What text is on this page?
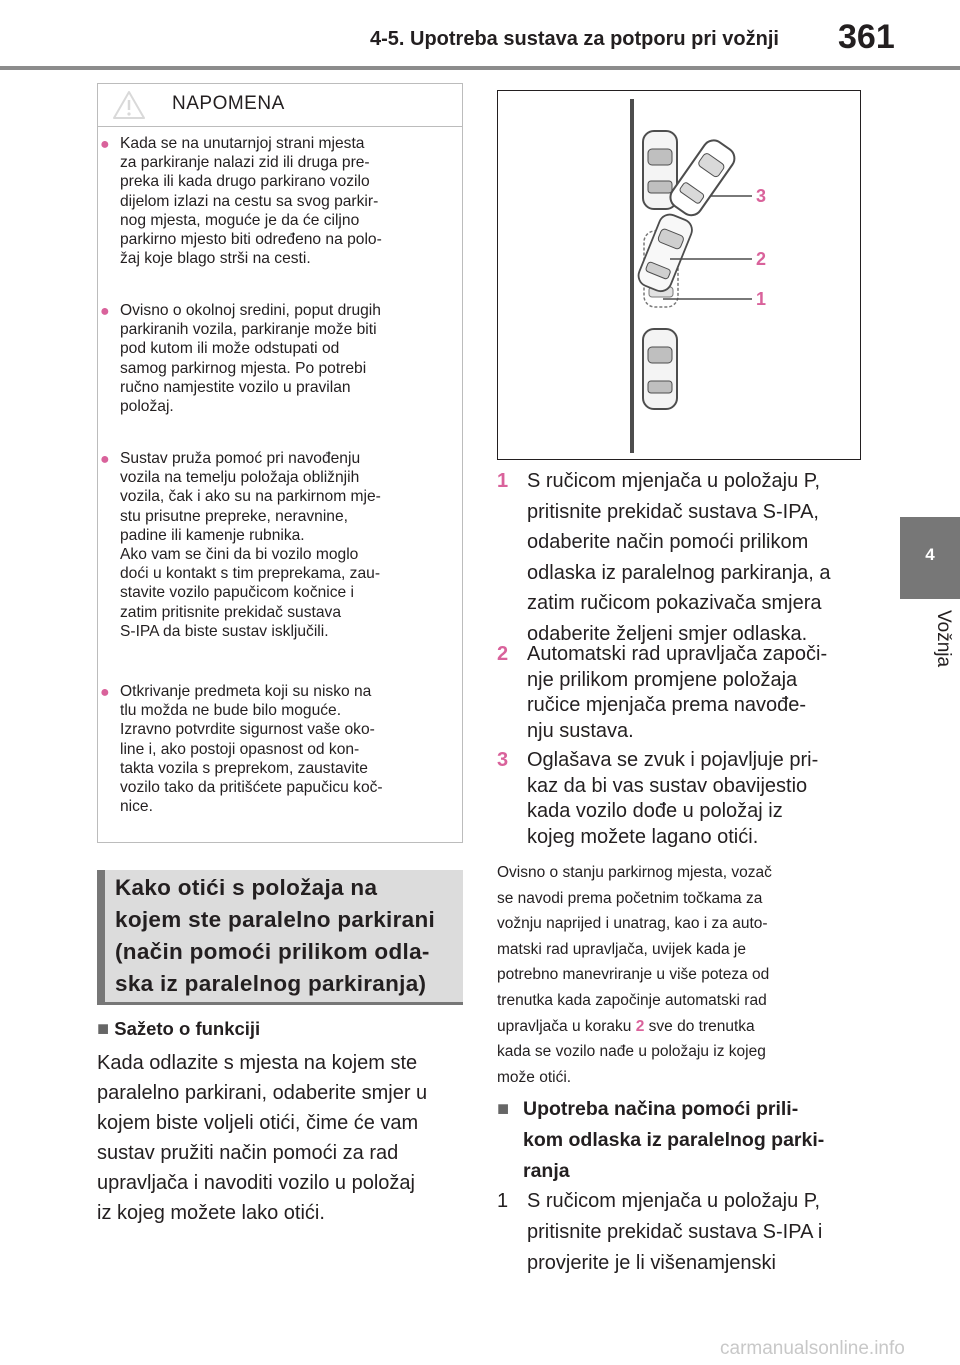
4-5. Upotreba sustava za potporu pri vožnji 361
4
Vožnja
NAPOMENA
● Kada se na unutarnjoj strani mjesta
za parkiranje nalazi zid ili druga pre-
preka ili kada drugo parkirano vozilo
dijelom izlazi na cestu sa svog parkir-
nog mjesta, moguće je da će ciljno
parkirno mjesto biti određeno na polo-
žaj koje blago strši na cesti.
● Ovisno o okolnoj sredini, poput drugih
parkiranih vozila, parkiranje može biti
pod kutom ili može odstupati od
samog parkirnog mjesta. Po potrebi
ručno namjestite vozilo u pravilan
položaj.
● Sustav pruža pomoć pri navođenju
vozila na temelju položaja obližnjih
vozila, čak i ako su na parkirnom mje-
stu prisutne prepreke, neravnine,
padine ili kamenje rubnika.
Ako vam se čini da bi vozilo moglo
doći u kontakt s tim preprekama, zau-
stavite vozilo papučicom kočnice i
zatim pritisnite prekidač sustava
S-IPA da biste sustav isključili.
● Otkrivanje predmeta koji su nisko na
tlu možda ne bude bilo moguće.
Izravno potvrdite sigurnost vaše oko-
line i, ako postoji opasnost od kon-
takta vozila s preprekom, zaustavite
vozilo tako da pritišćete papučicu koč-
nice.
Kako otići s položaja na
kojem ste paralelno parkirani
(način pomoći prilikom odla-
ska iz paralelnog parkiranja)
■ Sažeto o funkciji
Kada odlazite s mjesta na kojem ste
paralelno parkirani, odaberite smjer u
kojem biste voljeli otići, čime će vam
sustav pružiti način pomoći za rad
upravljača i navoditi vozilo u položaj
iz kojeg možete lako otići.
3
2
1
1 S ručicom mjenjača u položaju P,
pritisnite prekidač sustava S-IPA,
odaberite način pomoći prilikom
odlaska iz paralelnog parkiranja, a
zatim ručicom pokazivača smjera
odaberite željeni smjer odlaska.
2 Automatski rad upravljača započi-
nje prilikom promjene položaja
ručice mjenjača prema navođe-
nju sustava.
3 Oglašava se zvuk i pojavljuje pri-
kaz da bi vas sustav obavijestio
kada vozilo dođe u položaj iz
kojeg možete lagano otići.
Ovisno o stanju parkirnog mjesta, vozač
se navodi prema početnim točkama za
vožnju naprijed i unatrag, kao i za auto-
matski rad upravljača, uvijek kada je
potrebno manevriranje u više poteza od
trenutka kada započinje automatski rad
upravljača u koraku 2 sve do trenutka
kada se vozilo nađe u položaju iz kojeg
može otići.
■ Upotreba načina pomoći prili-
kom odlaska iz paralelnog parki-
ranja
1 S ručicom mjenjača u položaju P,
pritisnite prekidač sustava S-IPA i
provjerite je li višenamjenski
carmanualsonline.info
